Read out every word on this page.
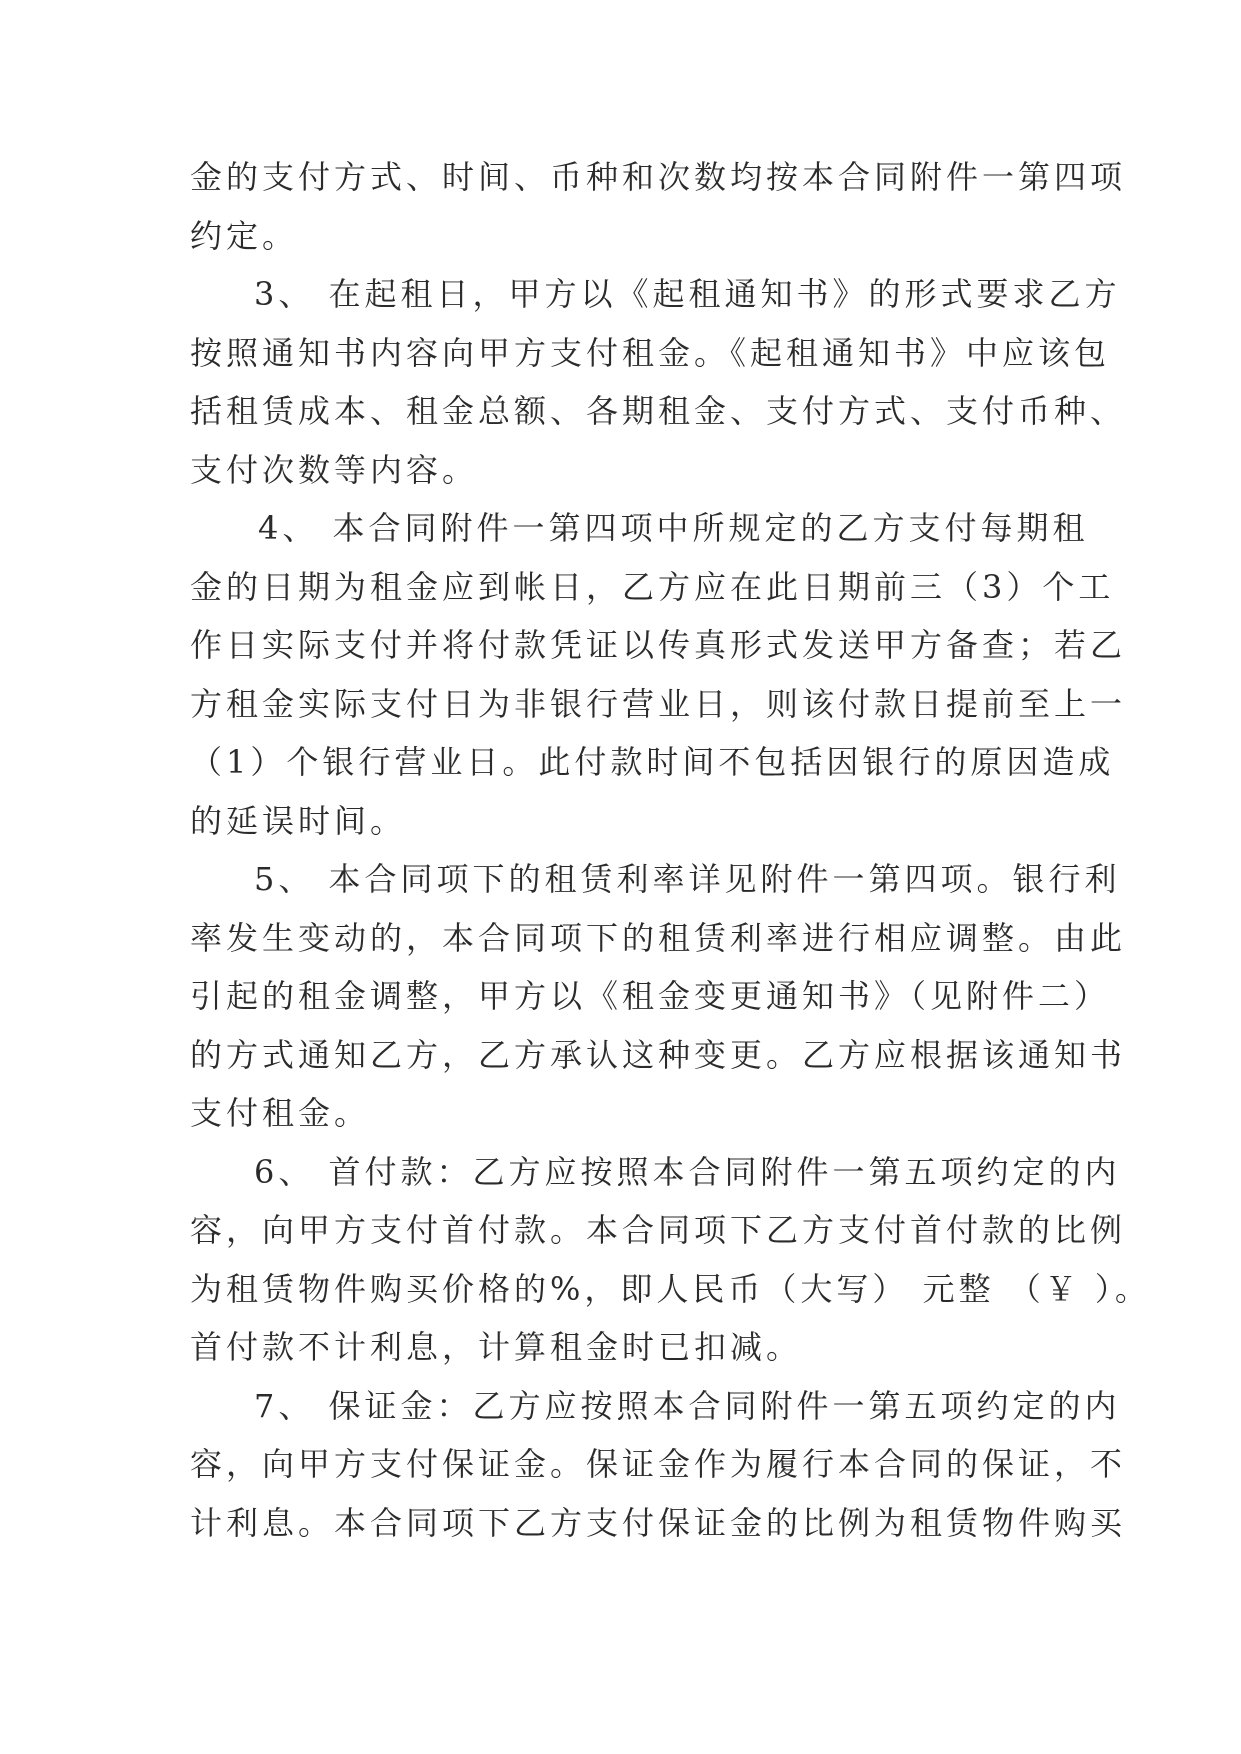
金的支付方式、时间、币种和次数均按本合同附件一第四项
约定。
3、 在起租日，甲方以《起租通知书》的形式要求乙方
按照通知书内容向甲方支付租金。《起租通知书》中应该包
括租赁成本、租金总额、各期租金、支付方式、支付币种、
支付次数等内容。
4、 本合同附件一第四项中所规定的乙方支付每期租
金的日期为租金应到帐日，乙方应在此日期前三（3）个工
作日实际支付并将付款凭证以传真形式发送甲方备查；若乙
方租金实际支付日为非银行营业日，则该付款日提前至上一
（1）个银行营业日。此付款时间不包括因银行的原因造成
的延误时间。
5、 本合同项下的租赁利率详见附件一第四项。银行利
率发生变动的，本合同项下的租赁利率进行相应调整。由此
引起的租金调整，甲方以《租金变更通知书》（见附件二）
的方式通知乙方，乙方承认这种变更。乙方应根据该通知书
支付租金。
6、 首付款：乙方应按照本合同附件一第五项约定的内
容，向甲方支付首付款。本合同项下乙方支付首付款的比例
为租赁物件购买价格的%，即人民币（大写） 元整 （￥ ）。
首付款不计利息，计算租金时已扣减。
7、 保证金：乙方应按照本合同附件一第五项约定的内
容，向甲方支付保证金。保证金作为履行本合同的保证，不
计利息。本合同项下乙方支付保证金的比例为租赁物件购买
